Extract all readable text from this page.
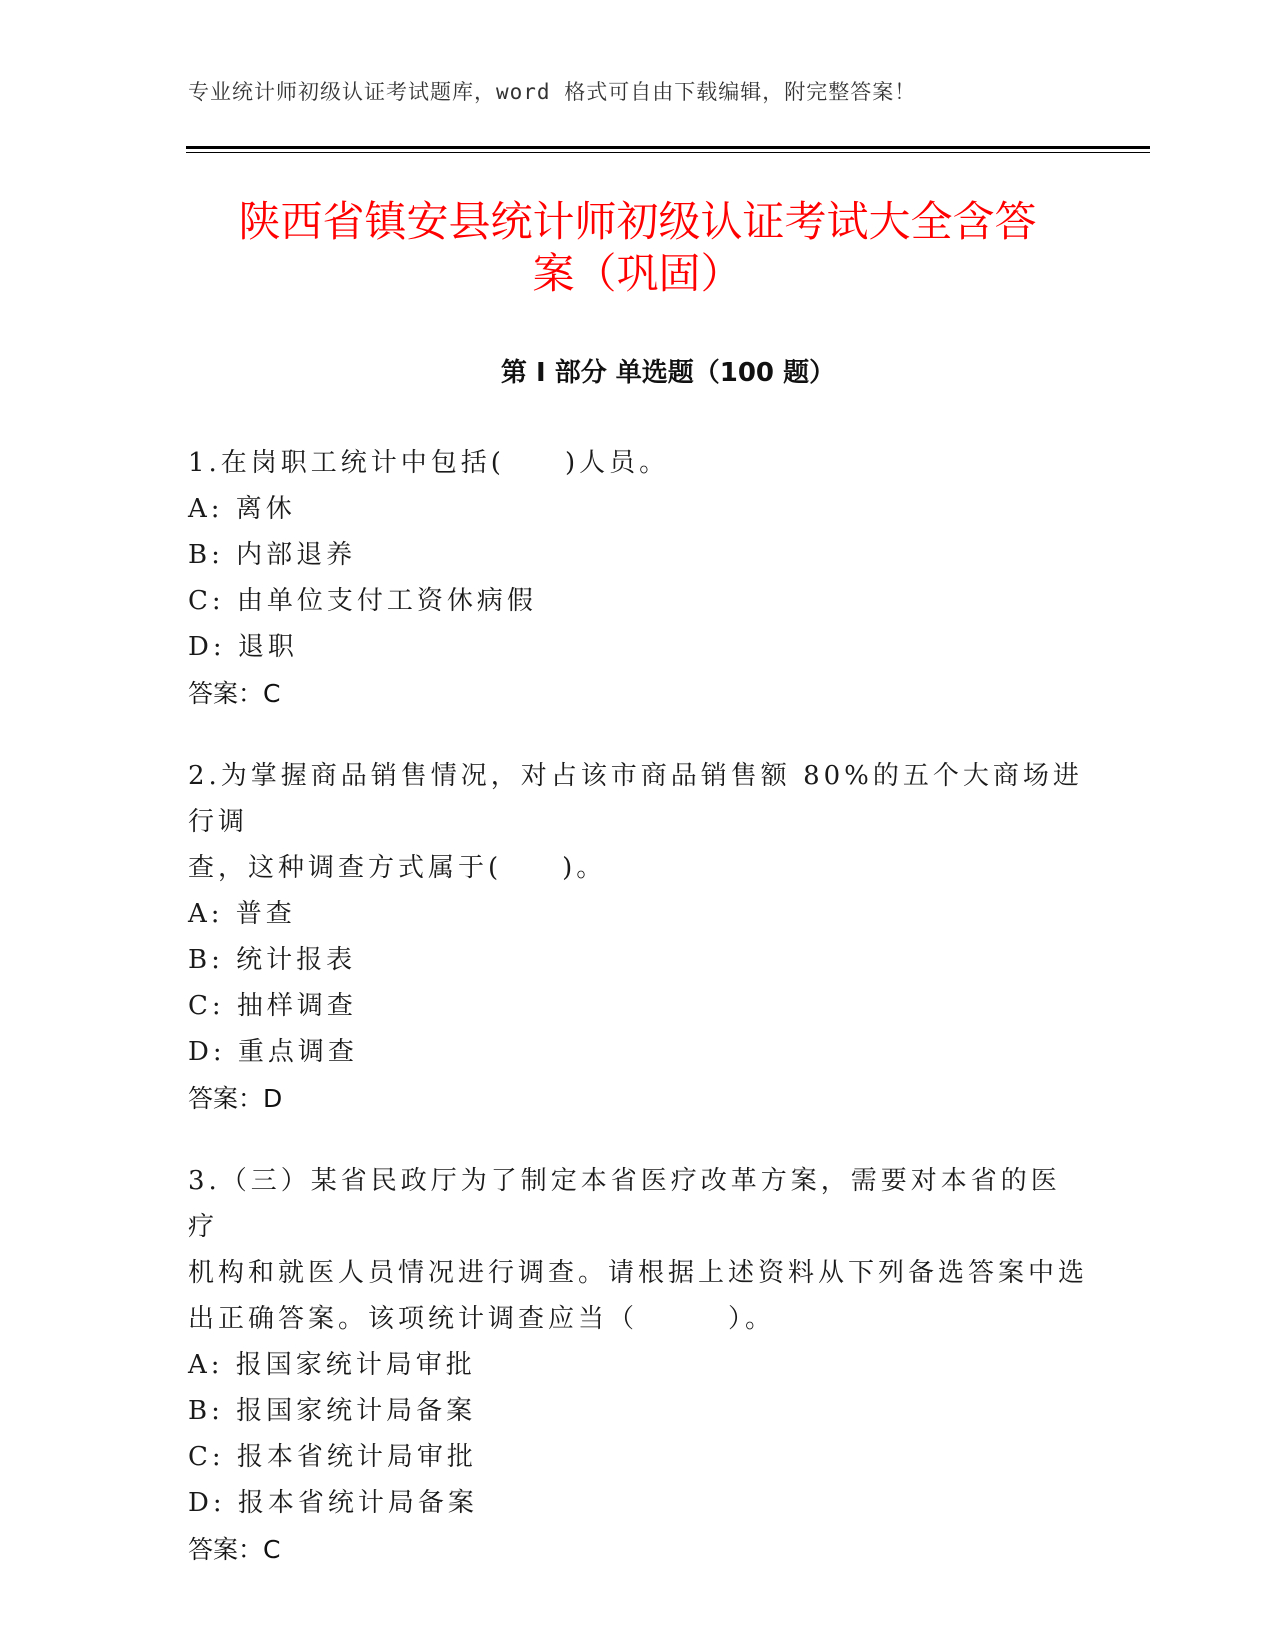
专业统计师初级认证考试题库，word 格式可自由下载编辑，附完整答案！
陕西省镇安县统计师初级认证考试大全含答
案（巩固）
第 I 部分 单选题（100 题）
1.在岗职工统计中包括(　　)人员。
A: 离休
B: 内部退养
C: 由单位支付工资休病假
D: 退职
答案：C
2.为掌握商品销售情况，对占该市商品销售额 80%的五个大商场进行调
查，这种调查方式属于(　　)。
A: 普查
B: 统计报表
C: 抽样调查
D: 重点调查
答案：D
3.（三）某省民政厅为了制定本省医疗改革方案，需要对本省的医疗
机构和就医人员情况进行调查。请根据上述资料从下列备选答案中选
出正确答案。该项统计调查应当（　　　）。
A: 报国家统计局审批
B: 报国家统计局备案
C: 报本省统计局审批
D: 报本省统计局备案
答案：C
